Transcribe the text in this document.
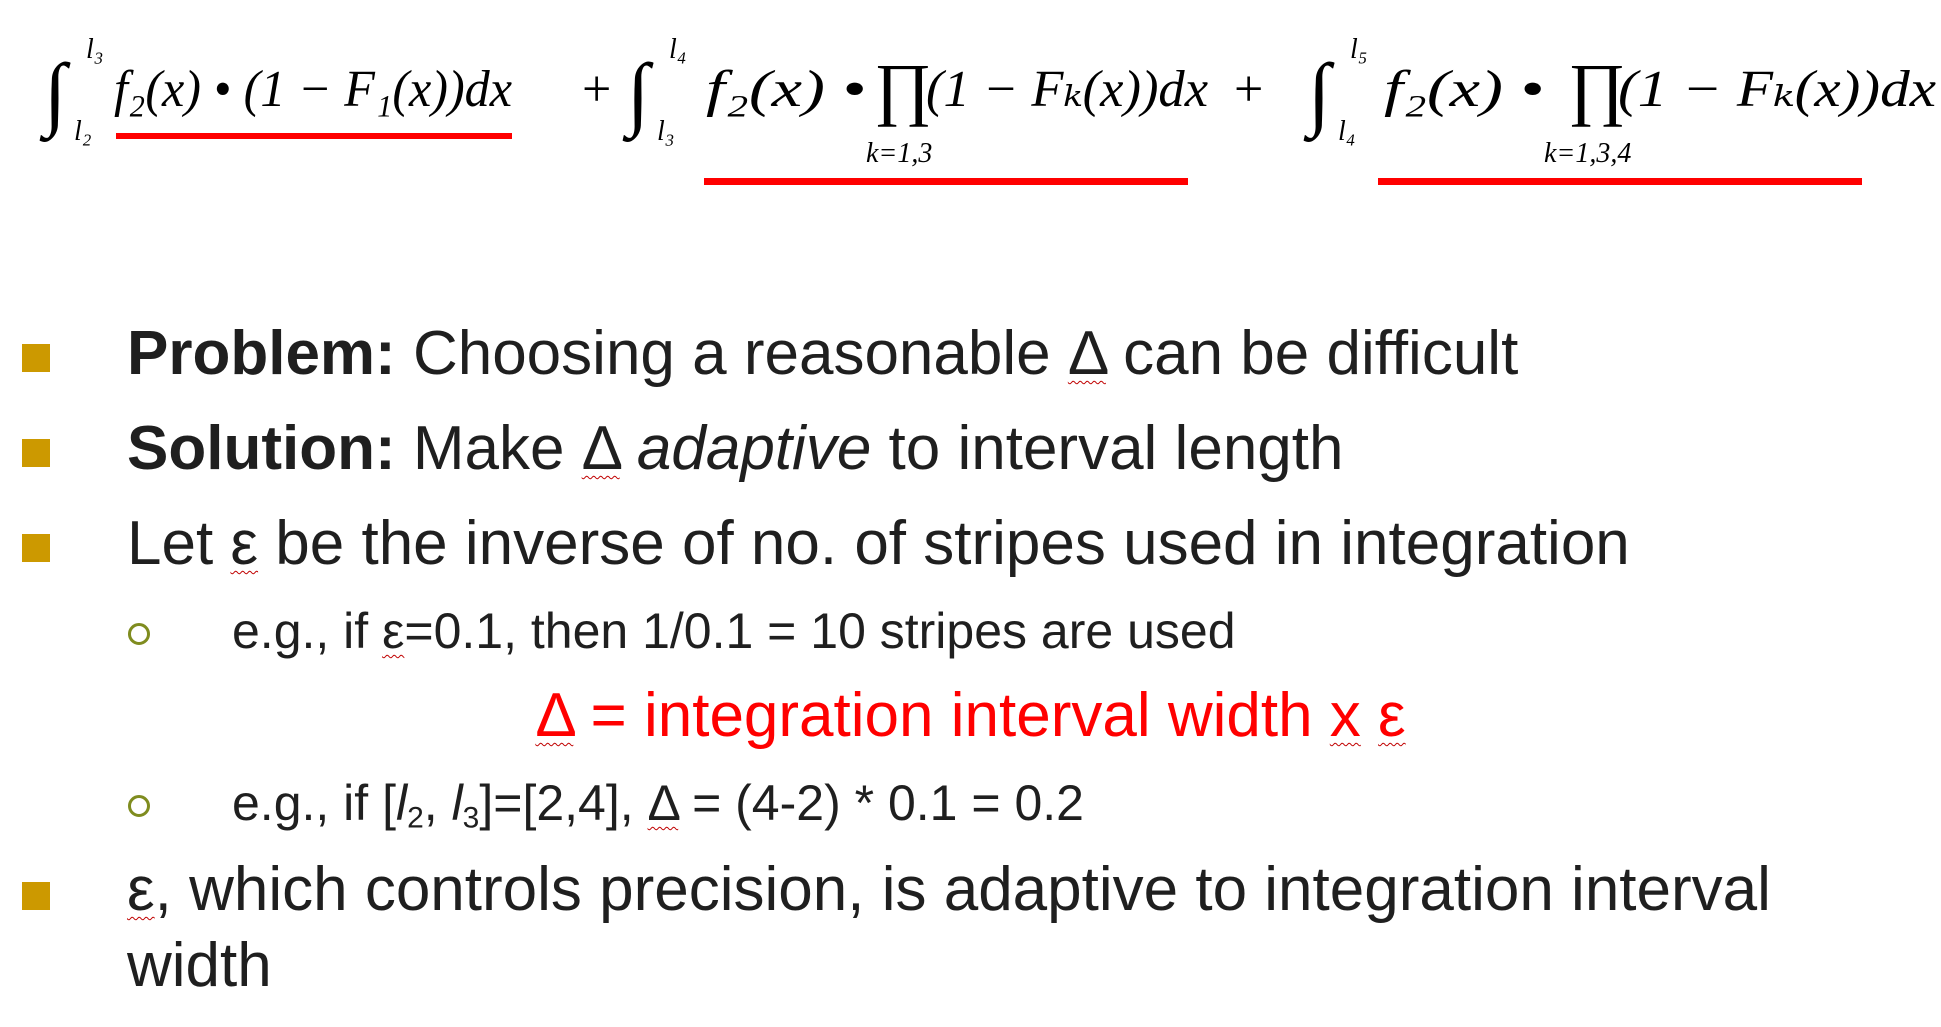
∫ l₃
l₂
f₂(x) • (1 − F₁(x))dx + ∫ l₄
l₃
f₂(x) • ∏
(1 − Fₖ(x))dx
k=1,3
+ ∫ l₅
l₄
f₂(x) • ∏
(1 − Fₖ(x))dx
k=1,3,4
Problem: Choosing a reasonable Δ can be difficult
Solution: Make Δ adaptive to interval length
Let ε be the inverse of no. of stripes used in integration
e.g., if ε=0.1, then 1/0.1 = 10 stripes are used
Δ = integration interval width x ε
e.g., if [$l_2$, $l_3]=[2,4]$, Δ = (4-2) * 0.1 = 0.2
ε, which controls precision, is adaptive to integration interval
width
